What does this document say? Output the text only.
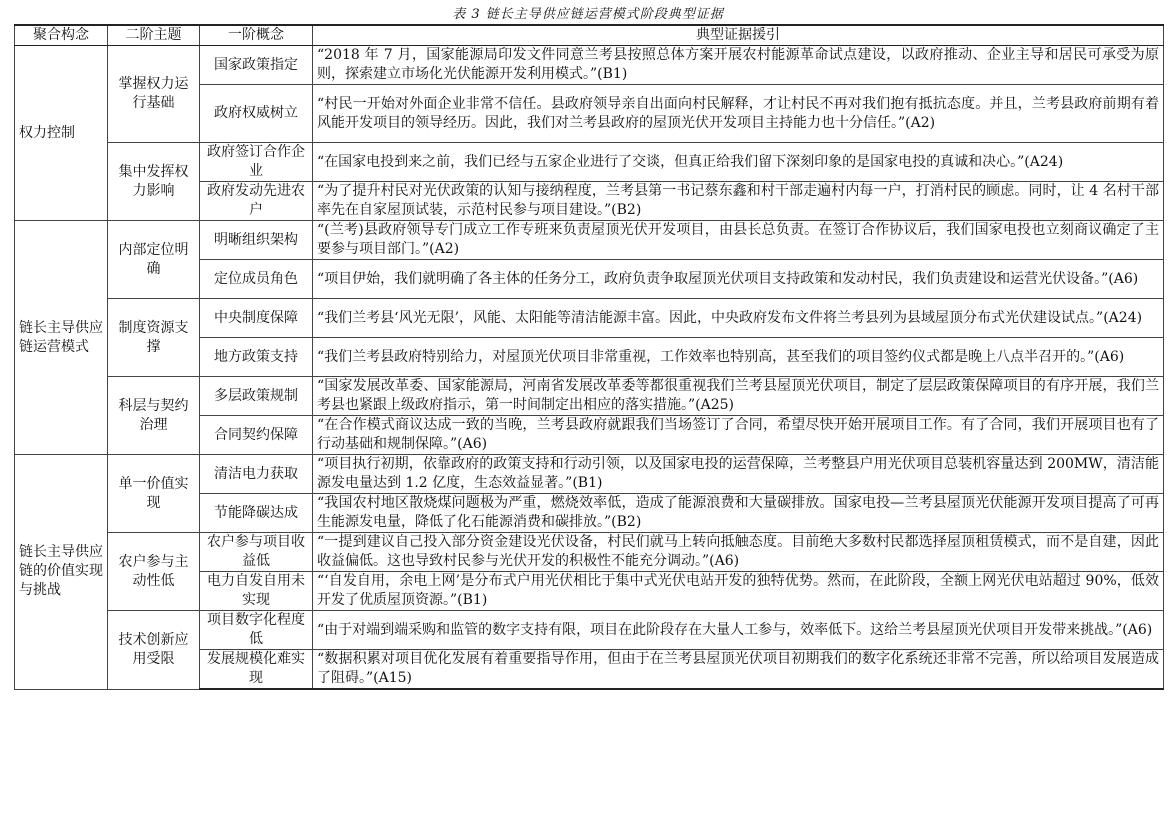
表 3 链长主导供应链运营模式阶段典型证据
聚合构念	二阶主题	一阶概念	典型证据援引
权力控制	掌握权力运行基础	国家政策指定	“2018 年 7 月，国家能源局印发文件同意兰考县按照总体方案开展农村能源革命试点建设，以政府推动、企业主导和居民可承受为原则，探索建立市场化光伏能源开发利用模式。”(B1)
		政府权威树立	“村民一开始对外面企业非常不信任。县政府领导亲自出面向村民解释，才让村民不再对我们抱有抵抗态度。并且，兰考县政府前期有着风能开发项目的领导经历。因此，我们对兰考县政府的屋顶光伏开发项目主持能力也十分信任。”(A2)
	集中发挥权力影响	政府签订合作企业	“在国家电投到来之前，我们已经与五家企业进行了交谈，但真正给我们留下深刻印象的是国家电投的真诚和决心。”(A24)
		政府发动先进农户	“为了提升村民对光伏政策的认知与接纳程度，兰考县第一书记蔡东鑫和村干部走遍村内每一户，打消村民的顾虑。同时，让 4 名村干部率先在自家屋顶试装，示范村民参与项目建设。”(B2)
链长主导供应链运营模式	内部定位明确	明晰组织架构	“(兰考)县政府领导专门成立工作专班来负责屋顶光伏开发项目，由县长总负责。在签订合作协议后，我们国家电投也立刻商议确定了主要参与项目部门。”(A2)
		定位成员角色	“项目伊始，我们就明确了各主体的任务分工，政府负责争取屋顶光伏项目支持政策和发动村民，我们负责建设和运营光伏设备。”(A6)
	制度资源支撑	中央制度保障	“我们兰考县‘风光无限’，风能、太阳能等清洁能源丰富。因此，中央政府发布文件将兰考县列为县域屋顶分布式光伏建设试点。”(A24)
		地方政策支持	“我们兰考县政府特别给力，对屋顶光伏项目非常重视，工作效率也特别高，甚至我们的项目签约仪式都是晚上八点半召开的。”(A6)
	科层与契约治理	多层政策规制	“国家发展改革委、国家能源局，河南省发展改革委等都很重视我们兰考县屋顶光伏项目，制定了层层政策保障项目的有序开展，我们兰考县也紧跟上级政府指示，第一时间制定出相应的落实措施。”(A25)
		合同契约保障	“在合作模式商议达成一致的当晚，兰考县政府就跟我们当场签订了合同，希望尽快开始开展项目工作。有了合同，我们开展项目也有了行动基础和规制保障。”(A6)
链长主导供应链的价值实现与挑战	单一价值实现	清洁电力获取	“项目执行初期，依靠政府的政策支持和行动引领，以及国家电投的运营保障，兰考整县户用光伏项目总装机容量达到 200MW，清洁能源发电量达到 1.2 亿度，生态效益显著。”(B1)
		节能降碳达成	“我国农村地区散烧煤问题极为严重，燃烧效率低，造成了能源浪费和大量碳排放。国家电投—兰考县屋顶光伏能源开发项目提高了可再生能源发电量，降低了化石能源消费和碳排放。”(B2)
	农户参与主动性低	农户参与项目收益低	“一提到建议自己投入部分资金建设光伏设备，村民们就马上转向抵触态度。目前绝大多数村民都选择屋顶租赁模式，而不是自建，因此收益偏低。这也导致村民参与光伏开发的积极性不能充分调动。”(A6)
		电力自发自用未实现	“‘自发自用，余电上网’是分布式户用光伏相比于集中式光伏电站开发的独特优势。然而，在此阶段，全额上网光伏电站超过 90%，低效开发了优质屋顶资源。”(B1)
	技术创新应用受限	项目数字化程度低	“由于对端到端采购和监管的数字支持有限，项目在此阶段存在大量人工参与，效率低下。这给兰考县屋顶光伏项目开发带来挑战。”(A6)
		发展规模化难实现	“数据积累对项目优化发展有着重要指导作用，但由于在兰考县屋顶光伏项目初期我们的数字化系统还非常不完善，所以给项目发展造成了阻碍。”(A15)
